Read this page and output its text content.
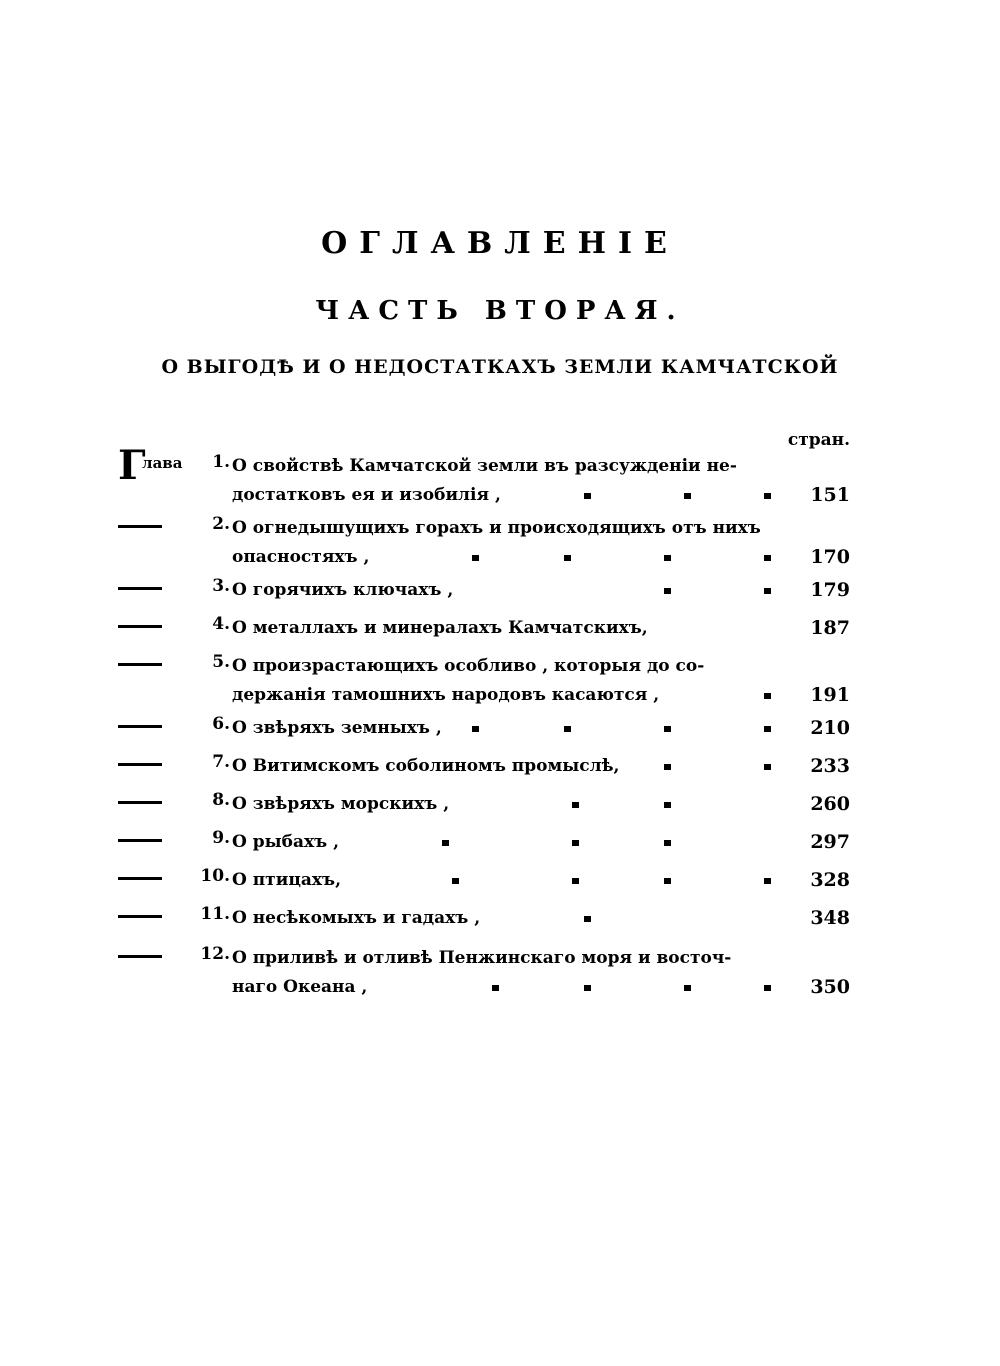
ОГЛАВЛЕНІЕ
ЧАСТЬ ВТОРАЯ.
О ВЫГОДѢ И О НЕДОСТАТКАХЪ ЗЕМЛИ КАМЧАТСКОЙ
стран.
Г
лава 1. О свойствѣ Камчатской земли въ разсужденіи не-
достатковъ ея и изобилія ,	151
2. О огнедышущихъ горахъ и происходящихъ отъ нихъ
опасностяхъ ,	170
3. О горячихъ ключахъ ,	179
4. О металлахъ и минералахъ Камчатскихъ,	187
5. О произрастающихъ особливо , которыя до со-
держанія тамошнихъ народовъ касаются ,	191
6. О звѣряхъ земныхъ ,	210
7. О Витимскомъ соболиномъ промыслѣ,	233
8. О звѣряхъ морскихъ ,	260
9. О рыбахъ ,	297
10. О птицахъ,	328
11. О несѣкомыхъ и гадахъ ,	348
12. О приливѣ и отливѣ Пенжинскаго моря и восточ-
наго Океана ,	350
